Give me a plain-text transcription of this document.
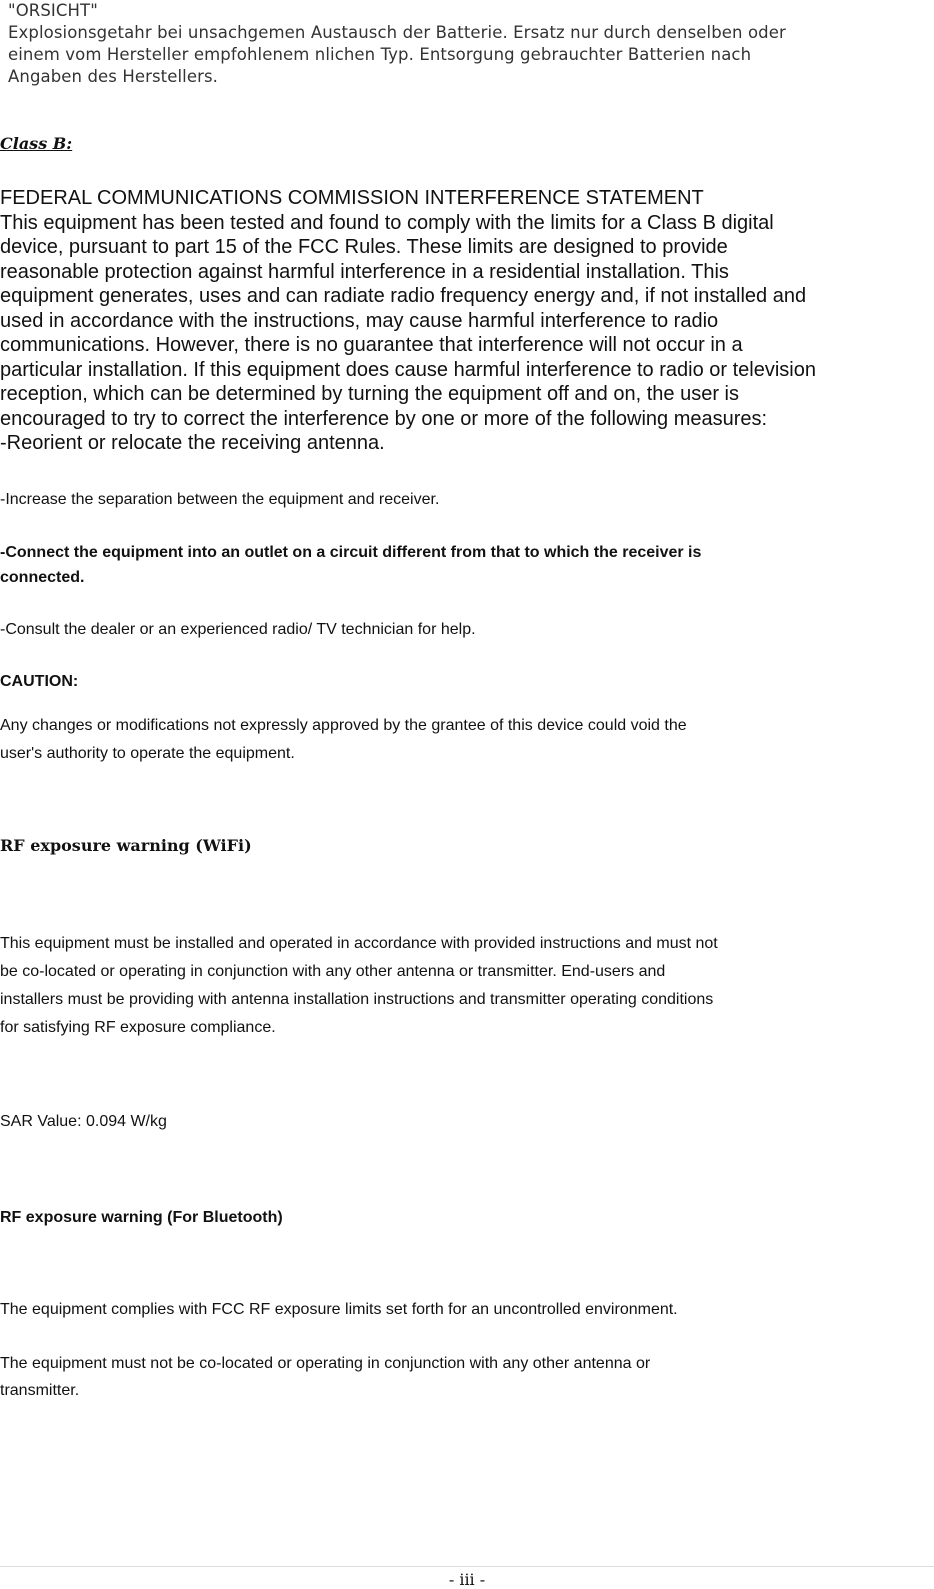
"ORSICHT"
Explosionsgetahr bei unsachgemen Austausch der Batterie. Ersatz nur durch denselben oder
einem vom Hersteller empfohlenem nlichen Typ. Entsorgung gebrauchter Batterien nach
Angaben des Herstellers.
Class B:
FEDERAL COMMUNICATIONS COMMISSION INTERFERENCE STATEMENT
This equipment has been tested and found to comply with the limits for a Class B digital
device, pursuant to part 15 of the FCC Rules. These limits are designed to provide
reasonable protection against harmful interference in a residential installation. This
equipment generates, uses and can radiate radio frequency energy and, if not installed and
used in accordance with the instructions, may cause harmful interference to radio
communications. However, there is no guarantee that interference will not occur in a
particular installation. If this equipment does cause harmful interference to radio or television
reception, which can be determined by turning the equipment off and on, the user is
encouraged to try to correct the interference by one or more of the following measures:
-Reorient or relocate the receiving antenna.
-Increase the separation between the equipment and receiver.
-Connect the equipment into an outlet on a circuit different from that to which the receiver is
connected.
-Consult the dealer or an experienced radio/ TV technician for help.
CAUTION:
Any changes or modifications not expressly approved by the grantee of this device could void the
user's authority to operate the equipment.
RF exposure warning (WiFi)
This equipment must be installed and operated in accordance with provided instructions and must not
be co-located or operating in conjunction with any other antenna or transmitter. End-users and
installers must be providing with antenna installation instructions and transmitter operating conditions
for satisfying RF exposure compliance.
SAR Value: 0.094 W/kg
RF exposure warning (For Bluetooth)
The equipment complies with FCC RF exposure limits set forth for an uncontrolled environment.
The equipment must not be co-located or operating in conjunction with any other antenna or
transmitter.
- iii -
